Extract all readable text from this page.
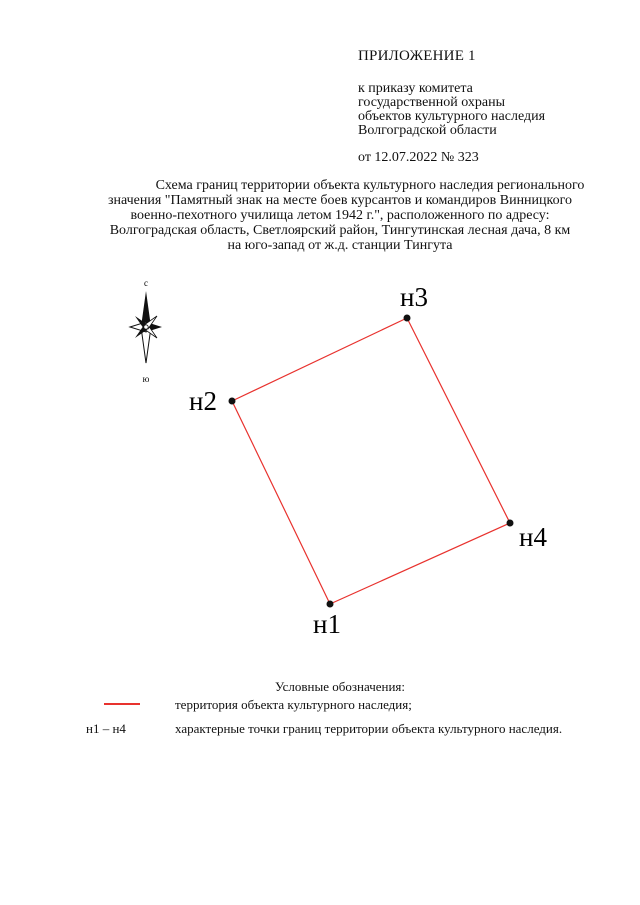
ПРИЛОЖЕНИЕ 1
к приказу комитета
государственной охраны
объектов культурного наследия
Волгоградской области
от 12.07.2022 № 323
Схема границ территории объекта культурного наследия регионального
значения "Памятный знак на месте боев курсантов и командиров Винницкого
военно-пехотного училища летом 1942 г.", расположенного по адресу:
Волгоградская область, Светлоярский район, Тингутинская лесная дача, 8 км
на юго-запад от ж.д. станции Тингута
с
ю
н1
н2
н3
н4
Условные обозначения:
территория объекта культурного наследия;
н1 – н4	характерные точки границ территории объекта культурного наследия.
